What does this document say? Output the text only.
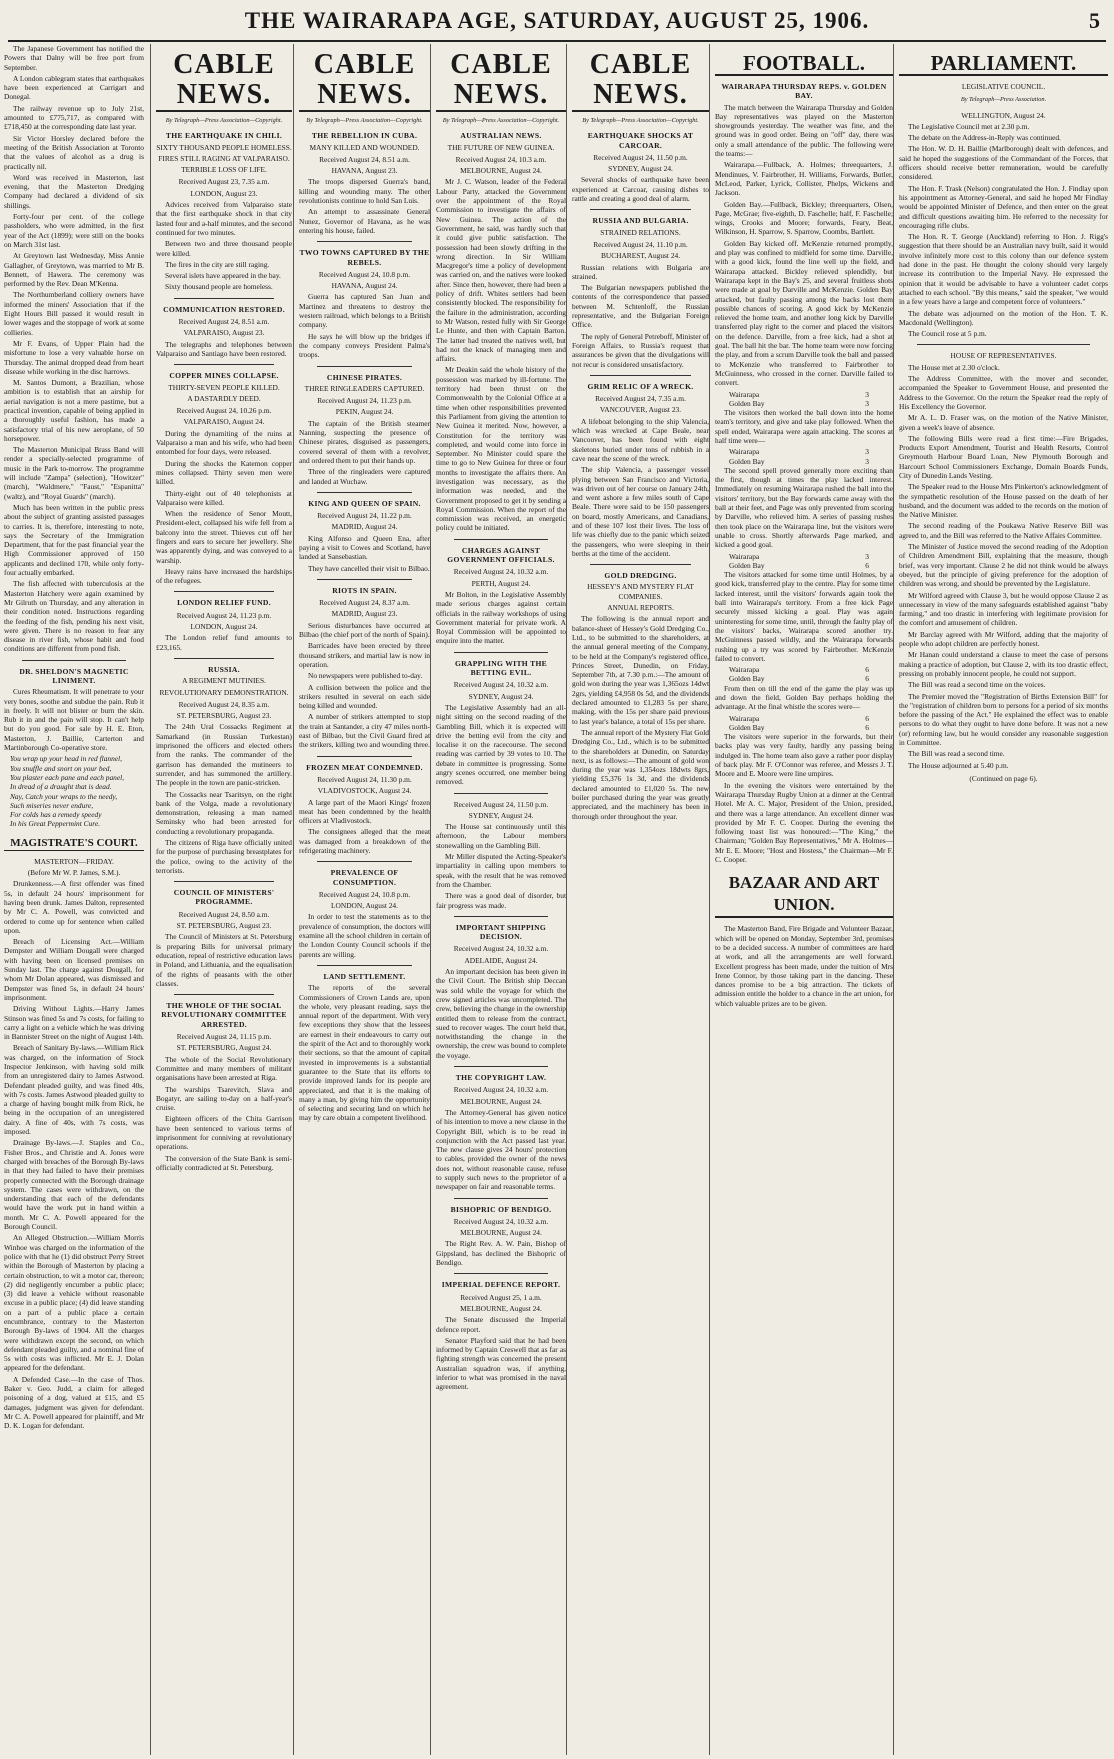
THE WAIRARAPA AGE, SATURDAY, AUGUST 25, 1906.	5

The Japanese Government has notified the Powers that Dalny will be free port from September.

A London cablegram states that earthquakes have been experienced at Carrigart and Donegal.

The railway revenue up to July 21st, amounted to £775,717, as compared with £718,450 at the corresponding date last year.

Sir Victor Horsley declared before the meeting of the British Association at Toronto that the values of alcohol as a drug is practically nil.

Word was received in Masterton, last evening, that the Masterton Dredging Company had declared a dividend of six shillings.

Forty-four per cent. of the college passholders, who were admitted, in the first year of the Act (1899); were still on the books on March 31st last.

At Greytown last Wednesday, Miss Annie Gallagher, of Greytown, was married to Mr B. Bennett, of Hawera. The ceremony was performed by the Rev. Dean M'Kenna.

The Northumberland colliery owners have informed the miners' Association that if the Eight Hours Bill passed it would result in lower wages and the stoppage of work at some collieries.

Mr F. Evans, of Upper Plain had the misfortune to lose a very valuable horse on Thursday. The animal dropped dead from heart disease while working in the disc harrows.

M. Santos Dumont, a Brazilian, whose ambition is to establish that an airship for aerial navigation is not a mere pastime, but a practical invention, capable of being applied in a thoroughly useful fashion, has made a satisfactory trial of his new aeroplane, of 50 horsepower.

The Masterton Municipal Brass Band will render a specially-selected programme of music in the Park to-morrow. The programme will include "Zampa" (selection), "Howitzer" (march), "Waldmere," "Faust," "Espanitta" (waltz), and "Royal Guards" (march).

Much has been written in the public press about the subject of granting assisted passages to carries. It is, therefore, interesting to note, says the Secretary of the Immigration Department, that for the past financial year the High Commissioner approved of 150 applicants and declined 170, while only forty-four actually embarked.

The fish affected with tuberculosis at the Masterton Hatchery were again examined by Mr Gilruth on Thursday, and any alteration in their condition noted. Instructions regarding the feeding of the fish, pending his next visit, were given. There is no reason to fear any disease in river fish, whose habit and food conditions are different from pond fish.

DR. SHELDON'S MAGNETIC LINIMENT.

Cures Rheumatism. It will penetrate to your very bones, soothe and subdue the pain. Rub it in freely. It will not blister or burn the skin. Rub it in and the pain will stop. It can't help but do you good. For sale by H. E. Eton, Masterton, J. Baillie, Carterton and Martinborough Co-operative store.

You wrap up your head in red flannel,
You snuffle and snort on your bed,
You plaster each pane and each panel,
In dread of a draught that is dead.
Nay, Catch your wraps to the needy,
Such miseries never endure,
For colds has a remedy speedy
In his Great Peppermint Cure.
MAGISTRATE'S COURT.
MASTERTON—FRIDAY.
(Before Mr W. P. James, S.M.).

Drunkenness.—A first offender was fined 5s, in default 24 hours' imprisonment for having been drunk. James Dalton, represented by Mr C. A. Powell, was convicted and ordered to come up for sentence when called upon.

Breach of Licensing Act.—William Dempster and William Dougall were charged with having been on licensed premises on Sunday last. The charge against Dougall, for whom Mr Dolan appeared, was dismissed and Dempster was fined 5s, in default 24 hours' imprisonment.

Driving Without Lights.—Harry James Stinson was fined 5s and 7s costs, for failing to carry a light on a vehicle which he was driving in Bannister Street on the night of August 14th.

Breach of Sanitary By-laws.—William Rick was charged, on the information of Stock Inspector Jenkinson, with having sold milk from an unregistered dairy to James Astwood. Defendant pleaded guilty, and was fined 40s, with 7s costs. James Astwood pleaded guilty to a charge of having bought milk from Rick, he being in the occupation of an unregistered dairy. A fine of 40s, with 7s costs, was imposed.

Drainage By-laws.—J. Staples and Co., Fisher Bros., and Christie and A. Jones were charged with breaches of the Borough By-laws in that they had failed to have their premises properly connected with the Borough drainage system. The cases were withdrawn, on the understanding that each of the defendants would have the work put in hand within a month. Mr C. A. Powell appeared for the Borough Council.

An Alleged Obstruction.—William Morris Winhoe was charged on the information of the police with that he (1) did obstruct Perry Street within the Borough of Masterton by placing a certain obstruction, to wit a motor car, thereon; (2) did negligently encumber a public place; (3) did leave a vehicle without reasonable excuse in a public place; (4) did leave standing on a part of a public place a certain encumbrance, contrary to the Masterton Borough By-laws of 1904. All the charges were withdrawn except the second, on which defendant pleaded guilty, and a nominal fine of 5s with costs was inflicted. Mr E. J. Dolan appeared for the defendant.

A Defended Case.—In the case of Thos. Baker v. Geo. Judd, a claim for alleged poisoning of a dog, valued at £15, and £5 damages, judgment was given for defendant. Mr C. A. Powell appeared for plaintiff, and Mr D. K. Logan for defendant.

CABLE NEWS.
By Telegraph—Press Association—Copyright.
THE EARTHQUAKE IN CHILI.
SIXTY THOUSAND PEOPLE HOMELESS.
FIRES STILL RAGING AT VALPARAISO.
TERRIBLE LOSS OF LIFE.
Received August 23, 7.35 a.m.
LONDON, August 23.

Advices received from Valparaiso state that the first earthquake shock in that city lasted four and a-half minutes, and the second continued for two minutes.

Between two and three thousand people were killed.

The fires in the city are still raging.

Several islets have appeared in the bay.

Sixty thousand people are homeless.

COMMUNICATION RESTORED.
Received August 24, 8.51 a.m.
VALPARAISO, August 23.

The telegraphs and telephones between Valparaiso and Santiago have been restored.

COPPER MINES COLLAPSE.
THIRTY-SEVEN PEOPLE KILLED.
A DASTARDLY DEED.
Received August 24, 10.26 p.m.
VALPARAISO, August 24.

During the dynamiting of the ruins at Valparaiso a man and his wife, who had been entombed for four days, were released.

During the shocks the Katemon copper mines collapsed. Thirty seven men were killed.

Thirty-eight out of 40 telephonists at Valparaiso were killed.

When the residence of Senor Moutt, President-elect, collapsed his wife fell from a balcony into the street. Thieves cut off her fingers and ears to secure her jewellery. She was apparently dying, and was conveyed to a warship.

Heavy rains have increased the hardships of the refugees.

LONDON RELIEF FUND.
Received August 24, 11.23 p.m.
LONDON, August 24.

The London relief fund amounts to £23,165.

RUSSIA.
A REGIMENT MUTINIES.
REVOLUTIONARY DEMONSTRATION.
Received August 24, 8.35 a.m.
ST. PETERSBURG, August 23.

The 24th Ural Cossacks Regiment at Samarkand (in Russian Turkestan) imprisoned the officers and elected others from the ranks. The commander of the garrison has demanded the mutineers to surrender, and has summoned the artillery. The people in the town are panic-stricken.

The Cossacks near Tsaritsyn, on the right bank of the Volga, made a revolutionary demonstration, releasing a man named Seminsky who had been arrested for conducting a revolutionary propaganda.

The citizens of Riga have officially united for the purpose of purchasing breastplates for the police, owing to the activity of the terrorists.

COUNCIL OF MINISTERS' PROGRAMME.
Received August 24, 8.50 a.m.
ST. PETERSBURG, August 23.

The Council of Ministers at St. Petersburg is preparing Bills for universal primary education, repeal of restrictive education laws in Poland, and Lithuania, and the equalisation of the rights of peasants with the other classes.

THE WHOLE OF THE SOCIAL REVOLUTIONARY COMMITTEE ARRESTED.
Received August 24, 11.15 p.m.
ST. PETERSBURG, August 24.

The whole of the Social Revolutionary Committee and many members of militant organisations have been arrested at Riga.

The warships Tsarevitch, Slava and Bogatyr, are sailing to-day on a half-year's cruise.

Eighteen officers of the Chita Garrison have been sentenced to various terms of imprisonment for conniving at revolutionary operations.

The conversion of the State Bank is semi-officially contradicted at St. Petersburg.

CABLE NEWS.
By Telegraph—Press Association—Copyright.
THE REBELLION IN CUBA.
MANY KILLED AND WOUNDED.
Received August 24, 8.51 a.m.
HAVANA, August 23.

The troops dispersed Guerra's band, killing and wounding many. The other revolutionists continue to hold San Luis.

An attempt to assassinate General Nunez, Governor of Havana, as he was entering his house, failed.

TWO TOWNS CAPTURED BY THE REBELS.
Received August 24, 10.8 p.m.
HAVANA, August 24.

Guerra has captured San Juan and Martinez and threatens to destroy the western railroad, which belongs to a British company.

He says he will blow up the bridges if the company conveys President Palma's troops.

CHINESE PIRATES.
THREE RINGLEADERS CAPTURED.
Received August 24, 11.23 p.m.
PEKIN, August 24.

The captain of the British steamer Nanning, suspecting the presence of Chinese pirates, disguised as passengers, covered several of them with a revolver, and ordered them to put their hands up.

Three of the ringleaders were captured and landed at Wuchaw.

KING AND QUEEN OF SPAIN.
Received August 24, 11.22 p.m.
MADRID, August 24.

King Alfonso and Queen Ena, after paying a visit to Cowes and Scotland, have landed at Sansebastian.

They have cancelled their visit to Bilbao.

RIOTS IN SPAIN.
Received August 24, 8.37 a.m.
MADRID, August 23.

Serious disturbances have occurred at Bilbao (the chief port of the north of Spain).

Barricades have been erected by three thousand strikers, and martial law is now in operation.

No newspapers were published to-day.

A collision between the police and the strikers resulted in several on each side being killed and wounded.

A number of strikers attempted to stop the train at Santander, a city 47 miles north-east of Bilbao, but the Civil Guard fired at the strikers, killing two and wounding three.

FROZEN MEAT CONDEMNED.
Received August 24, 11.30 p.m.
VLADIVOSTOCK, August 24.

A large part of the Maori Kings' frozen meat has been condemned by the health officers at Vladivostock.

The consignees alleged that the meat was damaged from a breakdown of the refrigerating machinery.

PREVALENCE OF CONSUMPTION.
Received August 24, 10.8 p.m.
LONDON, August 24.

In order to test the statements as to the prevalence of consumption, the doctors will examine all the school children in certain of the London County Council schools if the parents are willing.

LAND SETTLEMENT.

The reports of the several Commissioners of Crown Lands are, upon the whole, very pleasant reading, says the annual report of the department. With very few exceptions they show that the lessees are earnest in their endeavours to carry out the spirit of the Act and to thoroughly work their sections, so that the amount of capital invested in improvements is a substantial guarantee to the State that its efforts to provide improved lands for its people are appreciated, and that it is the making of many a man, by giving him the opportunity of selecting and securing land on which he may by care obtain a competent livelihood.

CABLE NEWS.
By Telegraph—Press Association—Copyright.
AUSTRALIAN NEWS.
THE FUTURE OF NEW GUINEA.
Received August 24, 10.3 a.m.
MELBOURNE, August 24.

Mr J. C. Watson, leader of the Federal Labour Party, attacked the Government over the appointment of the Royal Commission to investigate the affairs of New Guinea. The action of the Government, he said, was hardly such that it could give public satisfaction. The possession had been slowly drifting in the wrong direction. In Sir William Macgregor's time a policy of development was carried on, and the natives were looked after. Since then, however, there had been a policy of drift. Whites settlers had been consistently blocked. The responsibility for the failure in the administration, according to Mr Watson, rested fully with Sir George Le Hunte, and then with Captain Barton. The latter had treated the natives well, but had not the knack of managing men and affairs.

Mr Deakin said the whole history of the possession was marked by ill-fortune. The territory had been thrust on the Commonwealth by the Colonial Office at a time when other responsibilities prevented this Parliament from giving the attention to New Guinea it merited. Now, however, a Constitution for the territory was completed, and would come into force in September. No Minister could spare the time to go to New Guinea for three or four months to investigate the affairs there. An investigation was necessary, as the information was needed, and the Government proposed to get it by sending a Royal Commission. When the report of the commission was received, an energetic policy could be initiated.

CHARGES AGAINST GOVERNMENT OFFICIALS.
Received August 24, 10.32 a.m.
PERTH, August 24.

Mr Bolton, in the Legislative Assembly made serious charges against certain officials in the railway workshops of using Government material for private work. A Royal Commission will be appointed to enquire into the matter.

GRAPPLING WITH THE BETTING EVIL.
Received August 24, 10.32 a.m.
SYDNEY, August 24.

The Legislative Assembly had an all-night sitting on the second reading of the Gambling Bill, which it is expected will drive the betting evil from the city and localise it on the racecourse. The second reading was carried by 39 votes to 10. The debate in committee is progressing. Some angry scenes occurred, one member being removed.

Received August 24, 11.50 p.m.
SYDNEY, August 24.

The House sat continuously until this afternoon, the Labour members stonewalling on the Gambling Bill.

Mr Miller disputed the Acting-Speaker's impartiality in calling upon members to speak, with the result that he was removed from the Chamber.

There was a good deal of disorder, but fair progress was made.

IMPORTANT SHIPPING DECISION.
Received August 24, 10.32 a.m.
ADELAIDE, August 24.

An important decision has been given in the Civil Court. The British ship Deccan was sold while the voyage for which the crew signed articles was uncompleted. The crew, believing the change in the ownership entitled them to release from the contract, sued to recover wages. The court held that, notwithstanding the change in the ownership, the crew was bound to complete the voyage.

THE COPYRIGHT LAW.
Received August 24, 10.32 a.m.
MELBOURNE, August 24.

The Attorney-General has given notice of his intention to move a new clause in the Copyright Bill, which is to be read in conjunction with the Act passed last year. The new clause gives 24 hours' protection to cables, provided the owner of the news does not, without reasonable cause, refuse to supply such news to the proprietor of a newspaper on fair and reasonable terms.

BISHOPRIC OF BENDIGO.
Received August 24, 10.32 a.m.
MELBOURNE, August 24.

The Right Rev. A. W. Pain, Bishop of Gippsland, has declined the Bishopric of Bendigo.

IMPERIAL DEFENCE REPORT.
Received August 25, 1 a.m.
MELBOURNE, August 24.

The Senate discussed the Imperial defence report.

Senator Playford said that he had been informed by Captain Creswell that as far as fighting strength was concerned the present Australian squadron was, if anything, inferior to what was promised in the naval agreement.

CABLE NEWS.
By Telegraph—Press Association—Copyright.
EARTHQUAKE SHOCKS AT CARCOAR.
Received August 24, 11.50 p.m.
SYDNEY, August 24.

Several shocks of earthquake have been experienced at Carcoar, causing dishes to rattle and creating a good deal of alarm.

RUSSIA AND BULGARIA.
STRAINED RELATIONS.
Received August 24, 11.10 p.m.
BUCHAREST, August 24.

Russian relations with Bulgaria are strained.

The Bulgarian newspapers published the contents of the correspondence that passed between M. Schtenloff, the Russian representative, and the Bulgarian Foreign Office.

The reply of General Petreboff, Minister of Foreign Affairs, to Russia's request that assurances be given that the divulgations will not recur is considered unsatisfactory.

GRIM RELIC OF A WRECK.
Received August 24, 7.35 a.m.
VANCOUVER, August 23.

A lifeboat belonging to the ship Valencia, which was wrecked at Cape Beale, near Vancouver, has been found with eight skeletons buried under tons of rubbish in a cave near the scene of the wreck.

The ship Valencia, a passenger vessel plying between San Francisco and Victoria, was driven out of her course on January 24th, and went ashore a few miles south of Cape Beale. There were said to be 150 passengers on board, mostly Americans, and Canadians, and of these 107 lost their lives. The loss of life was chiefly due to the panic which seized the passengers, who were sleeping in their berths at the time of the accident.

GOLD DREDGING.
HESSEY'S AND MYSTERY FLAT COMPANIES.
ANNUAL REPORTS.

The following is the annual report and balance-sheet of Hessey's Gold Dredging Co., Ltd., to be submitted to the shareholders, at the annual general meeting of the Company, to be held at the Company's registered office, Princes Street, Dunedin, on Friday, September 7th, at 7.30 p.m.:—The amount of gold won during the year was 1,365ozs 14dwt 2grs, yielding £4,958 0s 5d, and the dividends declared amounted to £1,283 5s per share, making, with the 15s per share paid previous to last year's balance, a total of 15s per share.

The annual report of the Mystery Flat Gold Dredging Co., Ltd., which is to be submitted to the shareholders at Dunedin, on Saturday next, is as follows:—The amount of gold won during the year was 1,354ozs 18dwts 8grs, yielding £5,376 1s 3d, and the dividends declared amounted to £1,020 5s. The new boiler purchased during the year was greatly appreciated, and the machinery has been in thorough order throughout the year.

FOOTBALL.
WAIRARAPA THURSDAY REPS. v. GOLDEN BAY.

The match between the Wairarapa Thursday and Golden Bay representatives was played on the Masterton showgrounds yesterday. The weather was fine, and the ground was in good order. Being on "off" day, there was only a small attendance of the public. The following were the teams:—

Wairarapa.—Fullback, A. Holmes; threequarters, J. Mendinues, V. Fairbrother, H. Williams, Forwards, Butler, McLeod, Parker, Lyrick, Collister, Phelps, Wickens and Jackson.

Golden Bay.—Fullback, Bickley; threequarters, Olsen, Page, McGrae; five-eighth, D. Faschelle; half, F. Faschelle; wings, Crooks and Moore; forwards, Feary, Beat, Wilkinson, H. Sparrow, S. Sparrow, Coombs, Bartlett.

Golden Bay kicked off. McKenzie returned promptly, and play was confined to midfield for some time. Darville, with a good kick, found the line well up the field, and Wairarapa attacked. Bickley relieved splendidly, but Wairarapa kept in the Bay's 25, and several fruitless shots were made at goal by Darville and McKenzie. Golden Bay attacked, but faulty passing among the backs lost them possible chances of scoring. A good kick by McKenzie relieved the home team, and another long kick by Darville transferred play right to the corner and placed the visitors on the defence. Darville, from a free kick, had a shot at goal. The ball hit the bar. The home team were now forcing the play, and from a scrum Darville took the ball and passed to McKenzie who transferred to Fairbrother to McGuinness, who crossed in the corner. Darville failed to convert.

Wairarapa	3
Golden Bay	3

The visitors then worked the ball down into the home team's territory, and give and take play followed. When the spell ended, Wairarapa were again attacking. The scores at half time were—

Wairarapa	3
Golden Bay	3

The second spell proved generally more exciting than the first, though at times the play lacked interest. Immediately on resuming Wairarapa rushed the ball into the visitors' territory, but the Bay forwards came away with the ball at their feet, and Page was only prevented from scoring by Darville, who relieved him. A series of passing rushes then took place on the Wairarapa line, but the visitors were unable to cross. Shortly afterwards Page marked, and kicked a good goal.

Wairarapa	3
Golden Bay	6

The visitors attacked for some time until Holmes, by a good kick, transferred play to the centre. Play for some time lacked interest, until the visitors' forwards again took the ball into Wairarapa's territory. From a free kick Page securely missed kicking a goal. Play was again uninteresting for some time, until, through the faulty play of the visitors' backs, Wairarapa scored another try. McGuinness passed wildly, and the Wairarapa forwards rushing up a try was scored by Fairbrother. McKenzie failed to convert.

Wairarapa	6
Golden Bay	6

From then on till the end of the game the play was up and down the field, Golden Bay perhaps holding the advantage. At the final whistle the scores were—

Wairarapa	6
Golden Bay	6

The visitors were superior in the forwards, but their backs play was very faulty, hardly any passing being indulged in. The home team also gave a rather poor display of back play. Mr F. O'Connor was referee, and Messrs J. T. Moore and E. Moore were line umpires.

In the evening the visitors were entertained by the Wairarapa Thursday Rugby Union at a dinner at the Central Hotel. Mr A. C. Major, President of the Union, presided, and there was a large attendance. An excellent dinner was provided by Mr F. C. Cooper. During the evening the following toast list was honoured:—"The King," the Chairman; "Golden Bay Representatives," Mr A. Holmes—Mr E. E. Moore; "Host and Hostess," the Chairman—Mr F. C. Cooper.

BAZAAR AND ART UNION.

The Masterton Band, Fire Brigade and Volunteer Bazaar, which will be opened on Monday, September 3rd, promises to be a decided success. A number of committees are hard at work, and all the arrangements are well forward. Excellent progress has been made, under the tuition of Mrs Irene Connor, by those taking part in the dancing. These dances promise to be a big attraction. The tickets of admission entitle the holder to a chance in the art union, for which valuable prizes are to be given.

PARLIAMENT.
LEGISLATIVE COUNCIL.
By Telegraph—Press Association.
WELLINGTON, August 24.

The Legislative Council met at 2.30 p.m.

The debate on the Address-in-Reply was continued.

The Hon. W. D. H. Baillie (Marlborough) dealt with defences, and said he hoped the suggestions of the Commandant of the Forces, that officers should receive better remuneration, would be carefully considered.

The Hon. F. Trask (Nelson) congratulated the Hon. J. Findlay upon his appointment as Attorney-General, and said he hoped Mr Findlay would be appointed Minister of Defence, and then enter on the great and difficult questions awaiting him. He referred to the necessity for encouraging rifle clubs.

The Hon. R. T. George (Auckland) referring to Hon. J. Rigg's suggestion that there should be an Australian navy built, said it would involve infinitely more cost to this colony than our defence system had done in the past. He thought the colony should very largely increase its contribution to the Imperial Navy. He expressed the opinion that it would be advisable to have a volunteer cadet corps attached to each school. "By this means," said the speaker, "we would in a few years have a large and competent force of volunteers."

The debate was adjourned on the motion of the Hon. T. K. Macdonald (Wellington).

The Council rose at 5 p.m.

HOUSE OF REPRESENTATIVES.

The House met at 2.30 o'clock.

The Address Committee, with the mover and seconder, accompanied the Speaker to Government House, and presented the Address to the Governor. On the return the Speaker read the reply of His Excellency the Governor.

Mr A. L. D. Fraser was, on the motion of the Native Minister, given a week's leave of absence.

The following Bills were read a first time:—Fire Brigades, Products Export Amendment, Tourist and Health Resorts, Control Greymouth Harbour Board Loan, New Plymouth Borough and Harcourt School Commissioners Exchange, Domain Boards Funds, City of Dunedin Lands Vesting.

The Speaker read to the House Mrs Pinkerton's acknowledgment of the sympathetic resolution of the House passed on the death of her husband, and the document was added to the records on the motion of the Native Minister.

The second reading of the Poukawa Native Reserve Bill was agreed to, and the Bill was referred to the Native Affairs Committee.

The Minister of Justice moved the second reading of the Adoption of Children Amendment Bill, explaining that the measure, though brief, was very important. Clause 2 he did not think would be always obeyed, but the principle of giving preference for the adoption of children was wrong, and should be prevented by the Legislature.

Mr Wilford agreed with Clause 3, but he would oppose Clause 2 as unnecessary in view of the many safeguards established against "baby farming," and too drastic in interfering with legitimate provision for the comfort and amusement of children.

Mr Barclay agreed with Mr Wilford, adding that the majority of people who adopt children are perfectly honest.

Mr Hanan could understand a clause to meet the case of persons making a practice of adoption, but Clause 2, with its too drastic effect, pressing on probably innocent people, he could not support.

The Bill was read a second time on the voices.

The Premier moved the "Registration of Births Extension Bill" for the "registration of children born to persons for a period of six months before the passing of the Act." He explained the effect was to enable persons to do what they ought to have done before. It was not a new (or) reforming law, but he would consider any reasonable suggestion in Committee.

The Bill was read a second time.

The House adjourned at 5.40 p.m.

(Continued on page 6).
